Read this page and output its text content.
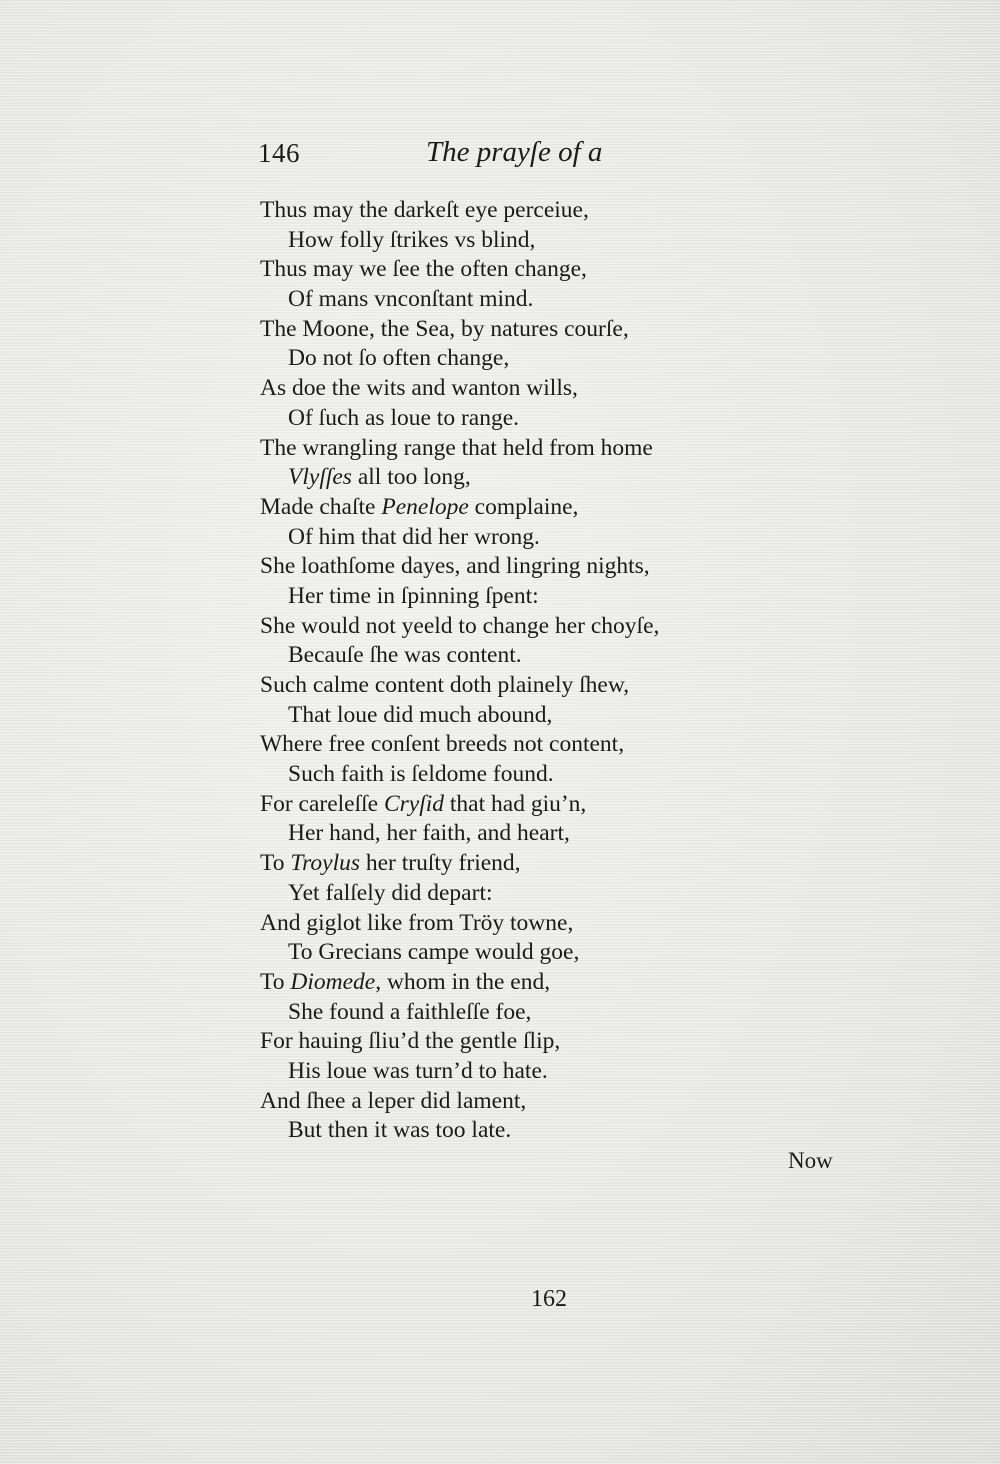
146	The prayſe of a
Thus may the darkeſt eye perceiue,
How folly ſtrikes vs blind,
Thus may we ſee the often change,
Of mans vnconſtant mind.
The Moone, the Sea, by natures courſe,
Do not ſo often change,
As doe the wits and wanton wills,
Of ſuch as loue to range.
The wrangling range that held from home
Vlyſſes all too long,
Made chaſte Penelope complaine,
Of him that did her wrong.
She loathſome dayes, and lingring nights,
Her time in ſpinning ſpent:
She would not yeeld to change her choyſe,
Becauſe ſhe was content.
Such calme content doth plainely ſhew,
That loue did much abound,
Where free conſent breeds not content,
Such faith is ſeldome found.
For careleſſe Cryſid that had giu’n,
Her hand, her faith, and heart,
To Troylus her truſty friend,
Yet falſely did depart:
And giglot like from Tröy towne,
To Grecians campe would goe,
To Diomede, whom in the end,
She found a faithleſſe foe,
For hauing ſliu’d the gentle ſlip,
His loue was turn’d to hate.
And ſhee a leper did lament,
But then it was too late.
Now
162
